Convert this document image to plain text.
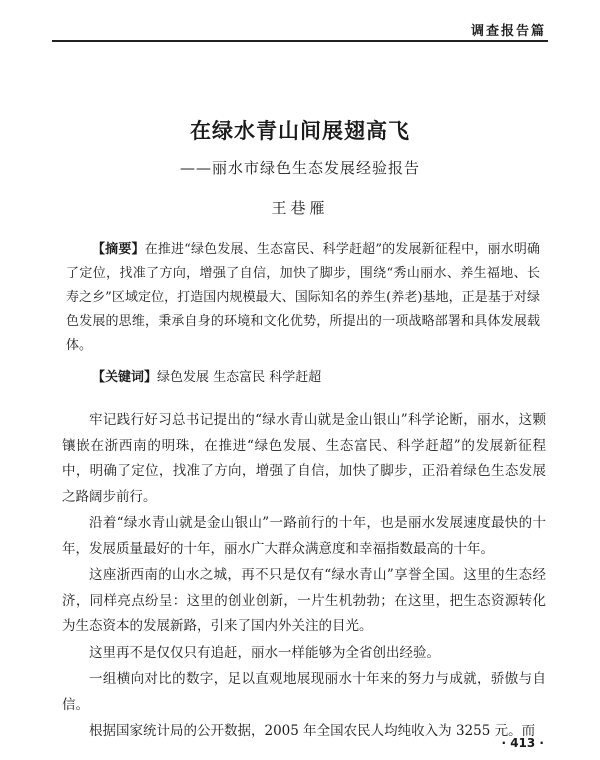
调查报告篇
在绿水青山间展翅高飞
——丽水市绿色生态发展经验报告
王巷雁

【摘要】在推进“绿色发展、生态富民、科学赶超”的发展新征程中，丽水明确了定位，找准了方向，增强了自信，加快了脚步，围绕“秀山丽水、养生福地、长寿之乡”区域定位，打造国内规模最大、国际知名的养生(养老)基地，正是基于对绿色发展的思维，秉承自身的环境和文化优势，所提出的一项战略部署和具体发展载体。

【关键词】绿色发展 生态富民 科学赶超

牢记践行好习总书记提出的“绿水青山就是金山银山”科学论断，丽水，这颗镶嵌在浙西南的明珠，在推进“绿色发展、生态富民、科学赶超”的发展新征程中，明确了定位，找准了方向，增强了自信，加快了脚步，正沿着绿色生态发展之路阔步前行。

沿着“绿水青山就是金山银山”一路前行的十年，也是丽水发展速度最快的十年，发展质量最好的十年，丽水广大群众满意度和幸福指数最高的十年。

这座浙西南的山水之城，再不只是仅有“绿水青山”享誉全国。这里的生态经济，同样亮点纷呈：这里的创业创新，一片生机勃勃；在这里，把生态资源转化为生态资本的发展新路，引来了国内外关注的目光。

这里再不是仅仅只有追赶，丽水一样能够为全省创出经验。

一组横向对比的数字，足以直观地展现丽水十年来的努力与成就，骄傲与自信。

根据国家统计局的公开数据，2005 年全国农民人均纯收入为 3255 元。而

· 413 ·
